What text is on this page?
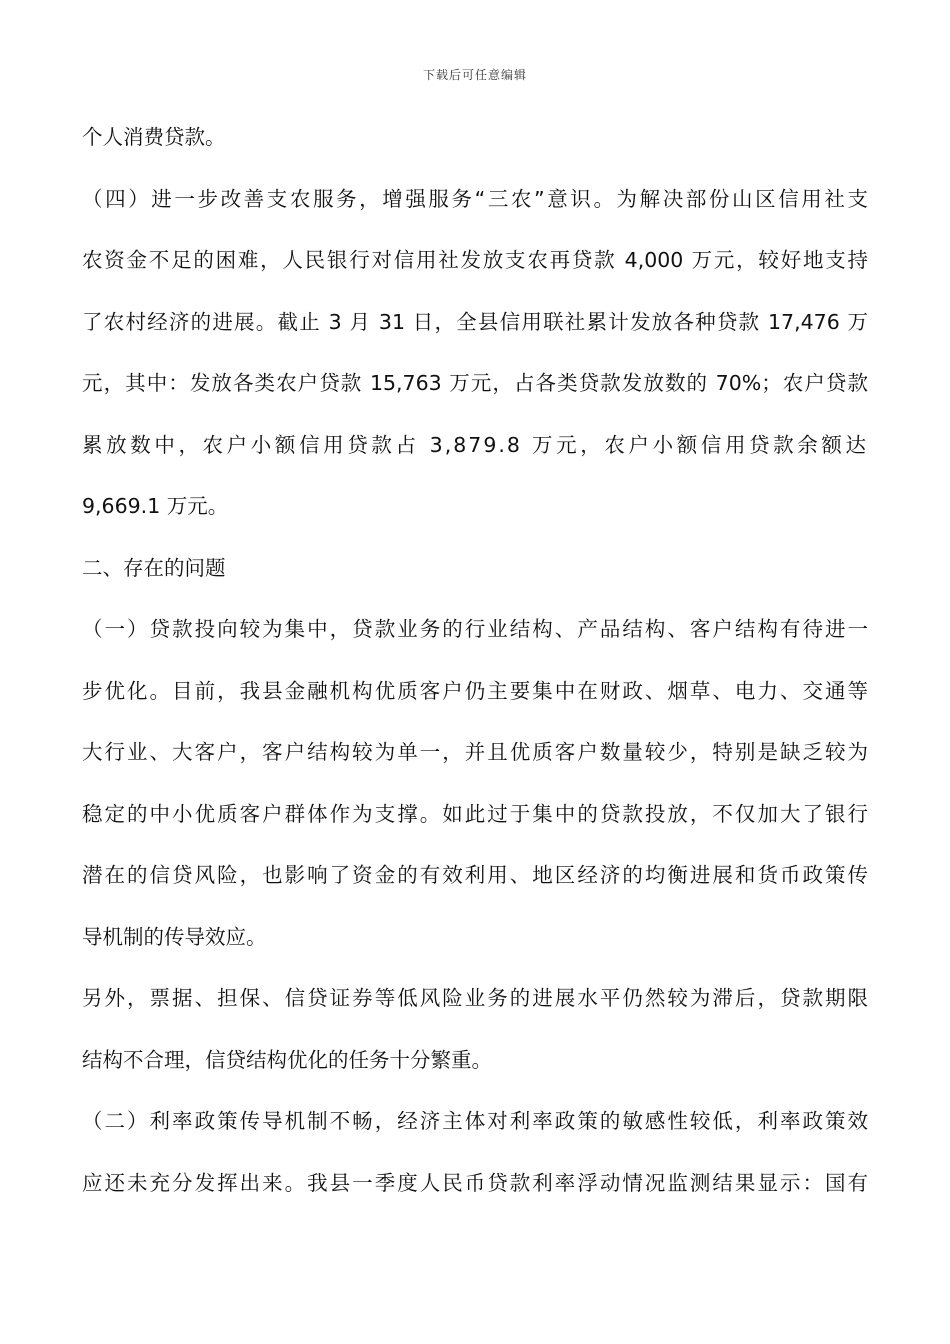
下载后可任意编辑
个人消费贷款。
（四）进一步改善支农服务，增强服务“三农”意识。为解决部份山区信用社支
农资金不足的困难，人民银行对信用社发放支农再贷款 4,000 万元，较好地支持
了农村经济的进展。截止 3 月 31 日，全县信用联社累计发放各种贷款 17,476 万
元，其中：发放各类农户贷款 15,763 万元，占各类贷款发放数的 70%；农户贷款
累放数中，农户小额信用贷款占 3,879.8 万元，农户小额信用贷款余额达
9,669.1 万元。
二、存在的问题
（一）贷款投向较为集中，贷款业务的行业结构、产品结构、客户结构有待进一
步优化。目前，我县金融机构优质客户仍主要集中在财政、烟草、电力、交通等
大行业、大客户，客户结构较为单一，并且优质客户数量较少，特别是缺乏较为
稳定的中小优质客户群体作为支撑。如此过于集中的贷款投放，不仅加大了银行
潜在的信贷风险，也影响了资金的有效利用、地区经济的均衡进展和货币政策传
导机制的传导效应。
另外，票据、担保、信贷证券等低风险业务的进展水平仍然较为滞后，贷款期限
结构不合理，信贷结构优化的任务十分繁重。
（二）利率政策传导机制不畅，经济主体对利率政策的敏感性较低，利率政策效
应还未充分发挥出来。我县一季度人民币贷款利率浮动情况监测结果显示：国有
